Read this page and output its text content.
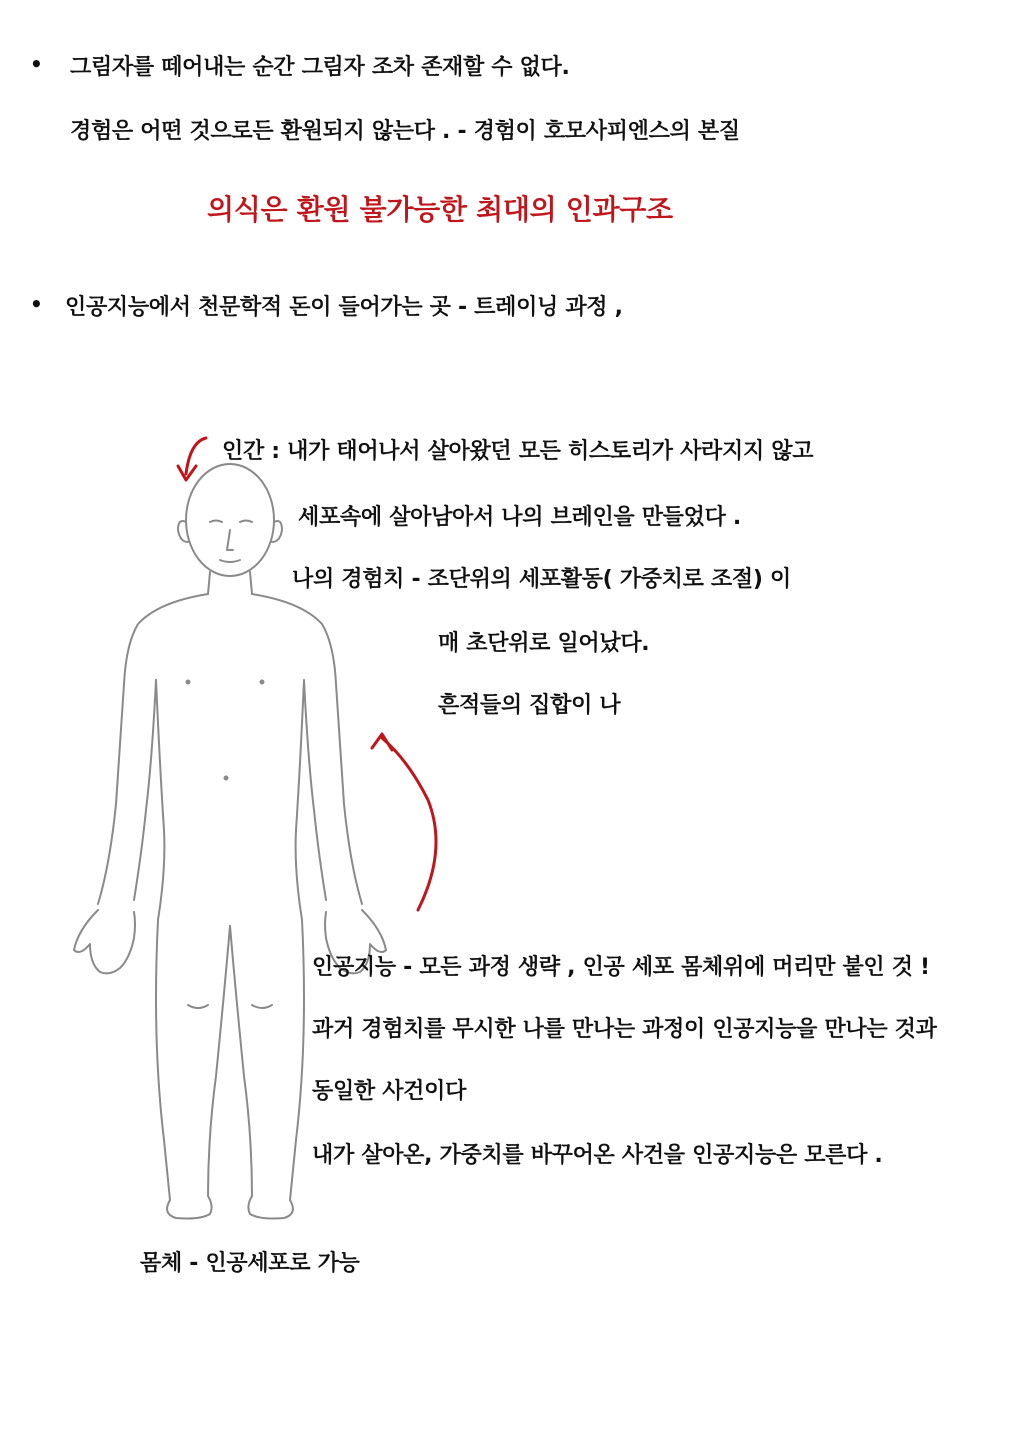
• 그림자를 떼어내는 순간 그림자 조차 존재할 수 없다.
경험은 어떤 것으로든 환원되지 않는다 . - 경험이 호모사피엔스의 본질
의식은 환원 불가능한 최대의 인과구조
• 인공지능에서 천문학적 돈이 들어가는 곳 - 트레이닝 과정 ,
인간 : 내가 태어나서 살아왔던 모든 히스토리가 사라지지 않고
세포속에 살아남아서 나의 브레인을 만들었다 .
나의 경험치 - 조단위의 세포활동( 가중치로 조절) 이
매 초단위로 일어났다.
흔적들의 집합이 나
인공지능 - 모든 과정 생략 , 인공 세포 몸체위에 머리만 붙인 것 !
과거 경험치를 무시한 나를 만나는 과정이 인공지능을 만나는 것과
동일한 사건이다
내가 살아온, 가중치를 바꾸어온 사건을 인공지능은 모른다 .
몸체 - 인공세포로 가능
